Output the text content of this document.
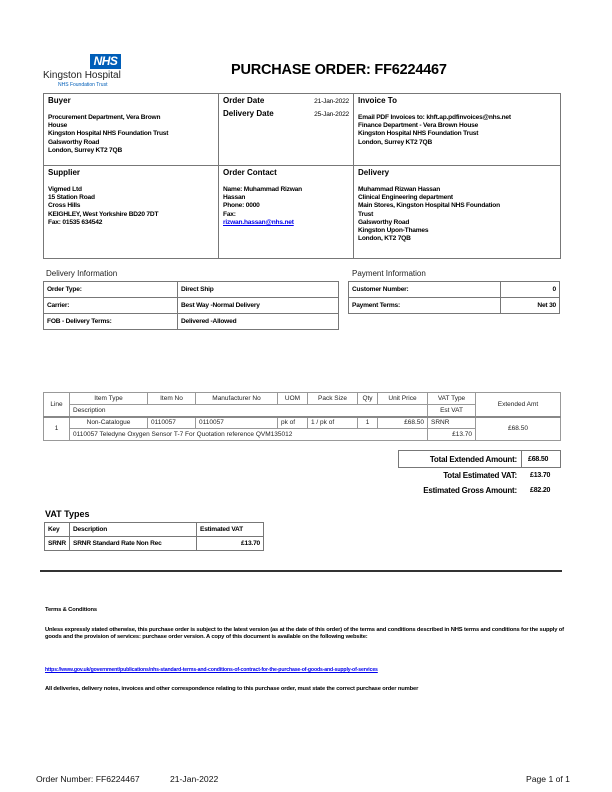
NHS
Kingston Hospital
NHS Foundation Trust
PURCHASE ORDER: FF6224467
Buyer
Procurement Department, Vera Brown
House
Kingston Hospital NHS Foundation Trust
Galsworthy Road
London, Surrey KT2 7QB
Order Date	21-Jan-2022
Delivery Date	25-Jan-2022
Invoice To
Email PDF Invoices to: khft.ap.pdfinvoices@nhs.net
Finance Department - Vera Brown House
Kingston Hospital NHS Foundation Trust
London, Surrey KT2 7QB
Supplier
Vigmed Ltd
15 Station Road
Cross Hills
KEIGHLEY, West Yorkshire BD20 7DT
Fax: 01535 634542
Order Contact
Name: Muhammad Rizwan
Hassan
Phone: 0000
Fax:
rizwan.hassan@nhs.net
Delivery
Muhammad Rizwan Hassan
Clinical Engineering department
Main Stores, Kingston Hospital NHS Foundation
Trust
Galsworthy Road
Kingston Upon-Thames
London, KT2 7QB
Delivery Information
Order Type:	Direct Ship
Carrier:	Best Way -Normal Delivery
FOB - Delivery Terms:	Delivered -Allowed
Payment Information
Customer Number:	0
Payment Terms:	Net 30
Line	Item Type	Item No	Manufacturer No	UOM	Pack Size	Qty	Unit Price	VAT Type	Extended Amt
	Description							Est VAT	
1	Non-Catalogue	0110057	0110057	pk of	1 / pk of	1	£68.50	SRNR	£68.50
	0110057 Teledyne Oxygen Sensor T-7 For Quotation reference QVM135012							£13.70	
Total Extended Amount:	£68.50
Total Estimated VAT: £13.70
Estimated Gross Amount: £82.20
VAT Types
Key	Description	Estimated VAT
SRNR	SRNR Standard Rate Non Rec	£13.70
Terms & Conditions
Unless expressly stated otherwise, this purchase order is subject to the latest version (as at the date of this order) of the terms and conditions described in NHS terms and conditions for the supply of goods and the provision of services: purchase order version. A copy of this document is available on the following website:
https://www.gov.uk/government/publications/nhs-standard-terms-and-conditions-of-contract-for-the-purchase-of-goods-and-supply-of-services
All deliveries, delivery notes, invoices and other correspondence relating to this purchase order, must state the correct purchase order number
Order Number: FF6224467	21-Jan-2022	Page 1 of 1
